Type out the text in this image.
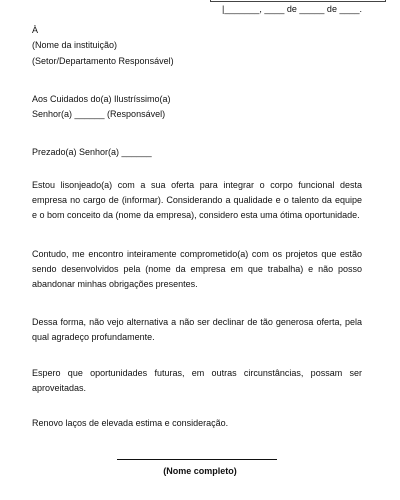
|_______, ____ de _____ de ____.
À
(Nome da instituição)
(Setor/Departamento Responsável)
Aos Cuidados do(a) Ilustríssimo(a)
Senhor(a) ______ (Responsável)
Prezado(a) Senhor(a) ______
Estou lisonjeado(a) com a sua oferta para integrar o corpo funcional desta empresa no cargo de (informar). Considerando a qualidade e o talento da equipe e o bom conceito da (nome da empresa), considero esta uma ótima oportunidade.
Contudo, me encontro inteiramente comprometido(a) com os projetos que estão sendo desenvolvidos pela (nome da empresa em que trabalha) e não posso abandonar minhas obrigações presentes.
Dessa forma, não vejo alternativa a não ser declinar de tão generosa oferta, pela qual agradeço profundamente.
Espero que oportunidades futuras, em outras circunstâncias, possam ser aproveitadas.
Renovo laços de elevada estima e consideração.
(Nome completo)
